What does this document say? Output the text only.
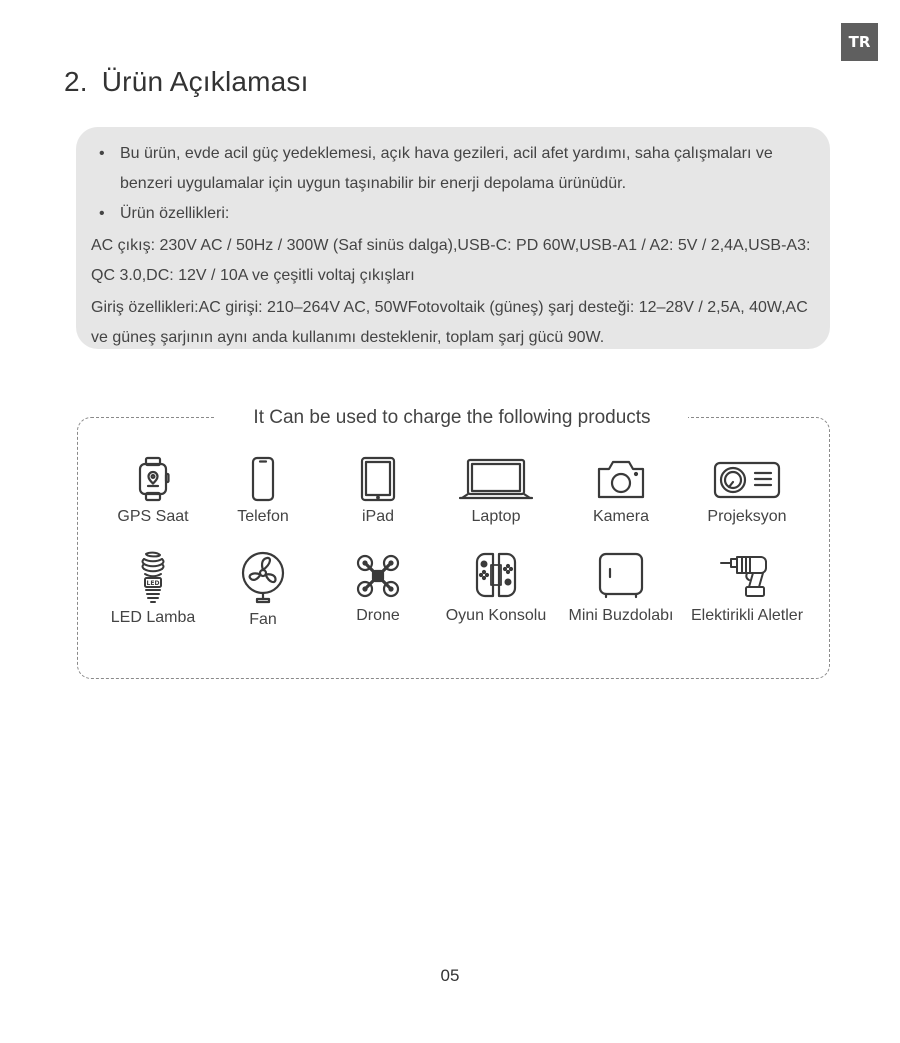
TR
2. Ürün Açıklaması
• Bu ürün, evde acil güç yedeklemesi, açık hava gezileri, acil afet yardımı, saha çalışmaları ve benzeri uygulamalar için uygun taşınabilir bir enerji depolama ürünüdür.
• Ürün özellikleri:
AC çıkış: 230V AC / 50Hz / 300W (Saf sinüs dalga),USB-C: PD 60W,USB-A1 / A2: 5V / 2,4A,USB-A3: QC 3.0,DC: 12V / 10A ve çeşitli voltaj çıkışları
Giriş özellikleri:AC girişi: 210–264V AC, 50WFotovoltaik (güneş) şarj desteği: 12–28V / 2,5A, 40W,AC ve güneş şarjının aynı anda kullanımı desteklenir, toplam şarj gücü 90W.
It Can be used to charge the following products
GPS Saat	Telefon	iPad	Laptop	Kamera	Projeksyon
LED
LED Lamba	Fan	Drone	Oyun Konsolu	Mini Buzdolabı	Elektirikli Aletler
05
